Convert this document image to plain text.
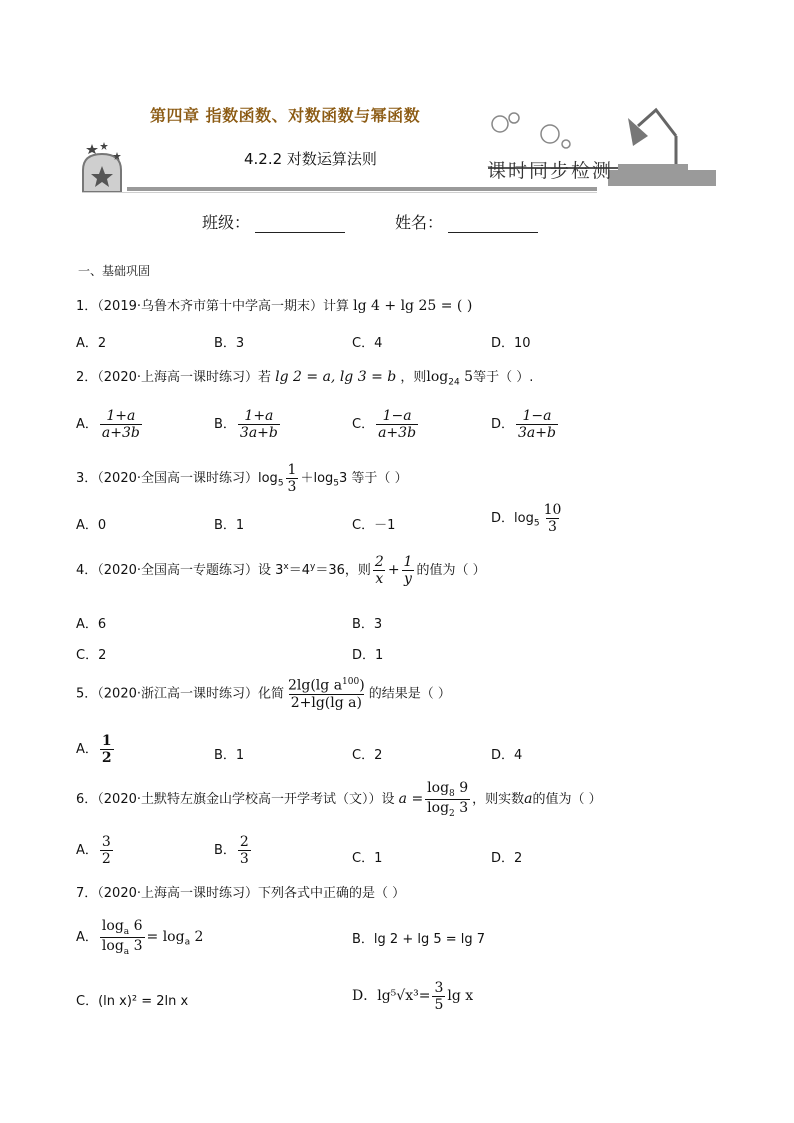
第四章 指数函数、对数函数与幂函数
4.2.2 对数运算法则
课时同步检测
班级：	姓名：
一、基础巩固
1．（2019·乌鲁木齐市第十中学高一期末）计算 lg 4 + lg 25 = ( )
A．2	B．3	C．4	D．10
2．（2020·上海高一课时练习）若 lg 2 = a, lg 3 = b ，则$\log_{24} 5$等于（ ）.
A． $\frac{1+a}{a+3b}$	B． $\frac{1+a}{3a+b}$	C． $\frac{1-a}{a+3b}$	D． $\frac{1-a}{3a+b}$
3．（2020·全国高一课时练习）$\log_5 \frac{1}{3} +\log_53$ 等于（ ）
A．0	B．1	C．－1	D．$\log_5 \frac{10}{3}$
4．（2020·全国高一专题练习）设 $3^x=4^y=36$，则 $\frac{2}{x} + \frac{1}{y}$ 的值为（ ）
A．6	B．3
C．2	D．1
5．（2020·浙江高一课时练习）化简 $\frac{2\lg(\lg a^{100})}{\text{2+lg(lg a)}}$ 的结果是（ ）
A． $\frac{1}{2}$	B．1	C．2	D．4
6．（2020·土默特左旗金山学校高一开学考试（文））设 $a = \frac{\log_8 9}{\log_2 3}$ ，则实数a的值为（ ）
A． $\frac{3}{2}$	B． $\frac{2}{3}$	C．1	D．2
7．（2020·上海高一课时练习）下列各式中正确的是（ ）
A． $\frac{\log_a 6}{\log_a 3} = \log_a 2$	B．lg 2 + lg 5 = lg 7
C．(ln x)² = 2ln x	D．$\lg^5√x^3= \frac{3}{5}$ lg x
